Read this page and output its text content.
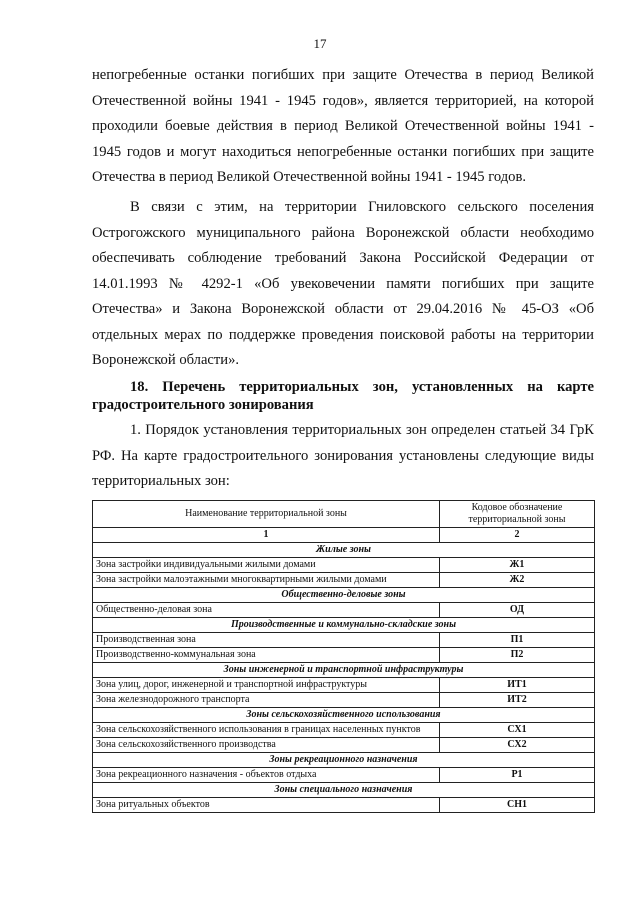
17

непогребенные останки погибших при защите Отечества в период Великой Отечественной войны 1941 - 1945 годов», является территорией, на которой проходили боевые действия в период Великой Отечественной войны 1941 - 1945 годов и могут находиться непогребенные останки погибших при защите Отечества в период Великой Отечественной войны 1941 - 1945 годов.

В связи с этим, на территории Гниловского сельского поселения Острогожского муниципального района Воронежской области необходимо обеспечивать соблюдение требований Закона Российской Федерации от 14.01.1993 № 4292-1 «Об увековечении памяти погибших при защите Отечества» и Закона Воронежской области от 29.04.2016 № 45-ОЗ «Об отдельных мерах по поддержке проведения поисковой работы на территории Воронежской области».

18. Перечень территориальных зон, установленных на карте градостроительного зонирования

1. Порядок установления территориальных зон определен статьей 34 ГрК РФ. На карте градостроительного зонирования установлены следующие виды территориальных зон:

Наименование территориальной зоны	Кодовое обозначение территориальной зоны
1	2
Жилые зоны	
Зона застройки индивидуальными жилыми домами	Ж1
Зона застройки малоэтажными многоквартирными жилыми домами	Ж2
Общественно-деловые зоны	
Общественно-деловая зона	ОД
Производственные и коммунально-складские зоны	
Производственная зона	П1
Производственно-коммунальная зона	П2
Зоны инженерной и транспортной инфраструктуры	
Зона улиц, дорог, инженерной и транспортной инфраструктуры	ИТ1
Зона железнодорожного транспорта	ИТ2
Зоны сельскохозяйственного использования	
Зона сельскохозяйственного использования в границах населенных пунктов	СХ1
Зона сельскохозяйственного производства	СХ2
Зоны рекреационного назначения	
Зона рекреационного назначения - объектов отдыха	Р1
Зоны специального назначения	
Зона ритуальных объектов	СН1
